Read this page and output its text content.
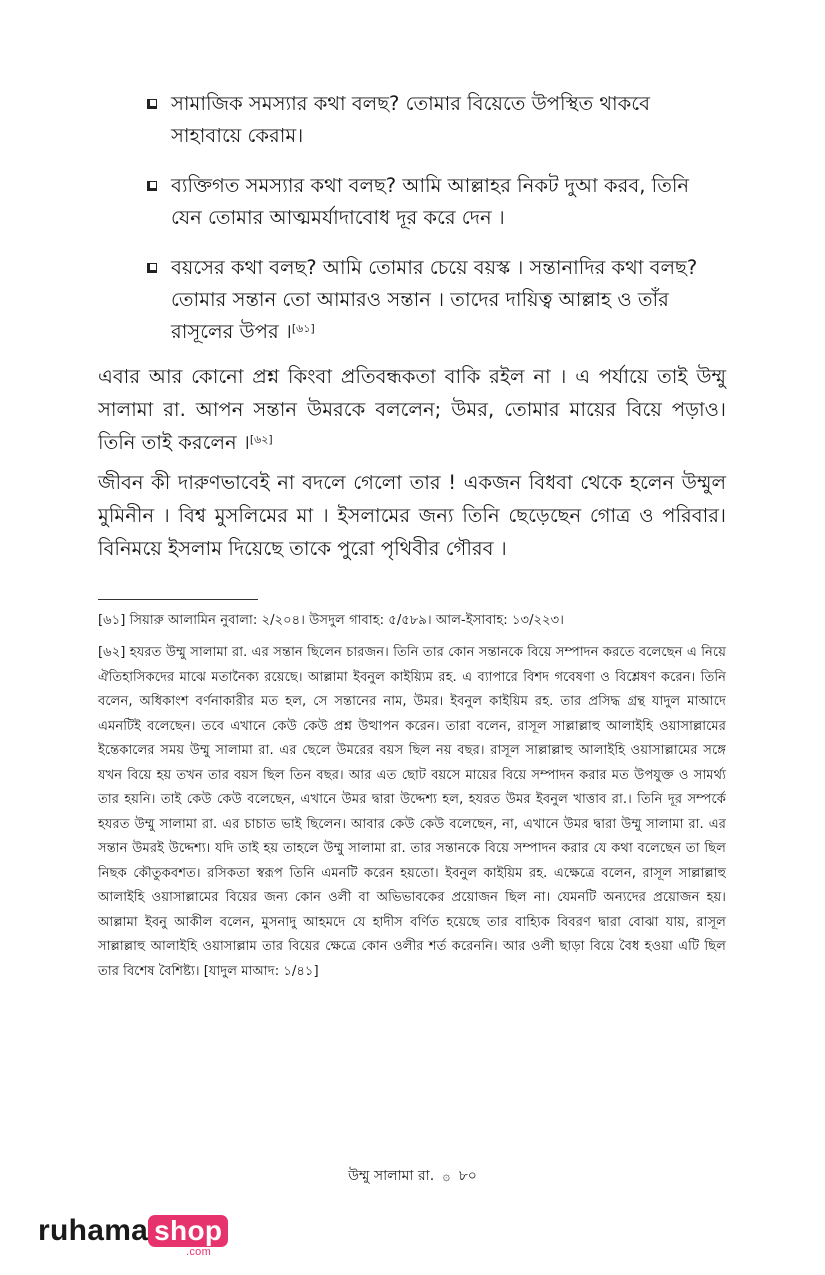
সামাজিক সমস্যার কথা বলছ? তোমার বিয়েতে উপস্থিত থাকবে সাহাবায়ে কেরাম।
ব্যক্তিগত সমস্যার কথা বলছ? আমি আল্লাহর নিকট দুআ করব, তিনি যেন তোমার আত্মমর্যাদাবোধ দূর করে দেন ।
বয়সের কথা বলছ? আমি তোমার চেয়ে বয়স্ক । সন্তানাদির কথা বলছ? তোমার সন্তান তো আমারও সন্তান । তাদের দায়িত্ব আল্লাহ ও তাঁর রাসূলের উপর ।[৬১]
এবার আর কোনো প্রশ্ন কিংবা প্রতিবন্ধকতা বাকি রইল না । এ পর্যায়ে তাই উম্মু সালামা রা. আপন সন্তান উমরকে বললেন; উমর, তোমার মায়ের বিয়ে পড়াও। তিনি তাই করলেন ।[৬২]
জীবন কী দারুণভাবেই না বদলে গেলো তার ! একজন বিধবা থেকে হলেন উম্মুল মুমিনীন । বিশ্ব মুসলিমের মা । ইসলামের জন্য তিনি ছেড়েছেন গোত্র ও পরিবার। বিনিময়ে ইসলাম দিয়েছে তাকে পুরো পৃথিবীর গৌরব ।
[৬১] সিয়ারু আলামিন নুবালা: ২/২০৪। উসদুল গাবাহ: ৫/৫৮৯। আল-ইসাবাহ: ১৩/২২৩।
[৬২] হযরত উম্মু সালামা রা. এর সন্তান ছিলেন চারজন। তিনি তার কোন সন্তানকে বিয়ে সম্পাদন করতে বলেছেন এ নিয়ে ঐতিহাসিকদের মাঝে মতানৈক্য রয়েছে। আল্লামা ইবনুল কাইয়্যিম রহ. এ ব্যাপারে বিশদ গবেষণা ও বিশ্লেষণ করেন। তিনি বলেন, অধিকাংশ বর্ণনাকারীর মত হল, সে সন্তানের নাম, উমর। ইবনুল কাইয়িম রহ. তার প্রসিদ্ধ গ্রন্থ যাদুল মাআদে এমনটিই বলেছেন। তবে এখানে কেউ কেউ প্রশ্ন উত্থাপন করেন। তারা বলেন, রাসূল সাল্লাল্লাহু আলাইহি ওয়াসাল্লামের ইন্তেকালের সময় উম্মু সালামা রা. এর ছেলে উমরের বয়স ছিল নয় বছর। রাসূল সাল্লাল্লাহু আলাইহি ওয়াসাল্লামের সঙ্গে যখন বিয়ে হয় তখন তার বয়স ছিল তিন বছর। আর এত ছোট বয়সে মায়ের বিয়ে সম্পাদন করার মত উপযুক্ত ও সামর্থ্য তার হয়নি। তাই কেউ কেউ বলেছেন, এখানে উমর দ্বারা উদ্দেশ্য হল, হযরত উমর ইবনুল খাত্তাব রা.। তিনি দূর সম্পর্কে হযরত উম্মু সালামা রা. এর চাচাত ভাই ছিলেন। আবার কেউ কেউ বলেছেন, না, এখানে উমর দ্বারা উম্মু সালামা রা. এর সন্তান উমরই উদ্দেশ্য। যদি তাই হয় তাহলে উম্মু সালামা রা. তার সন্তানকে বিয়ে সম্পাদন করার যে কথা বলেছেন তা ছিল নিছক কৌতুকবশত। রসিকতা স্বরূপ তিনি এমনটি করেন হয়তো। ইবনুল কাইয়িম রহ. এক্ষেত্রে বলেন, রাসূল সাল্লাল্লাহু আলাইহি ওয়াসাল্লামের বিয়ের জন্য কোন ওলী বা অভিভাবকের প্রয়োজন ছিল না। যেমনটি অন্যদের প্রয়োজন হয়। আল্লামা ইবনু আকীল বলেন, মুসনাদু আহমদে যে হাদীস বর্ণিত হয়েছে তার বাহ্যিক বিবরণ দ্বারা বোঝা যায়, রাসূল সাল্লাল্লাহু আলাইহি ওয়াসাল্লাম তার বিয়ের ক্ষেত্রে কোন ওলীর শর্ত করেননি। আর ওলী ছাড়া বিয়ে বৈধ হওয়া এটি ছিল তার বিশেষ বৈশিষ্ট্য। [যাদুল মাআদ: ১/৪১]
উম্মু সালামা রা. ۞ ৮০
ruhama shop
.com
